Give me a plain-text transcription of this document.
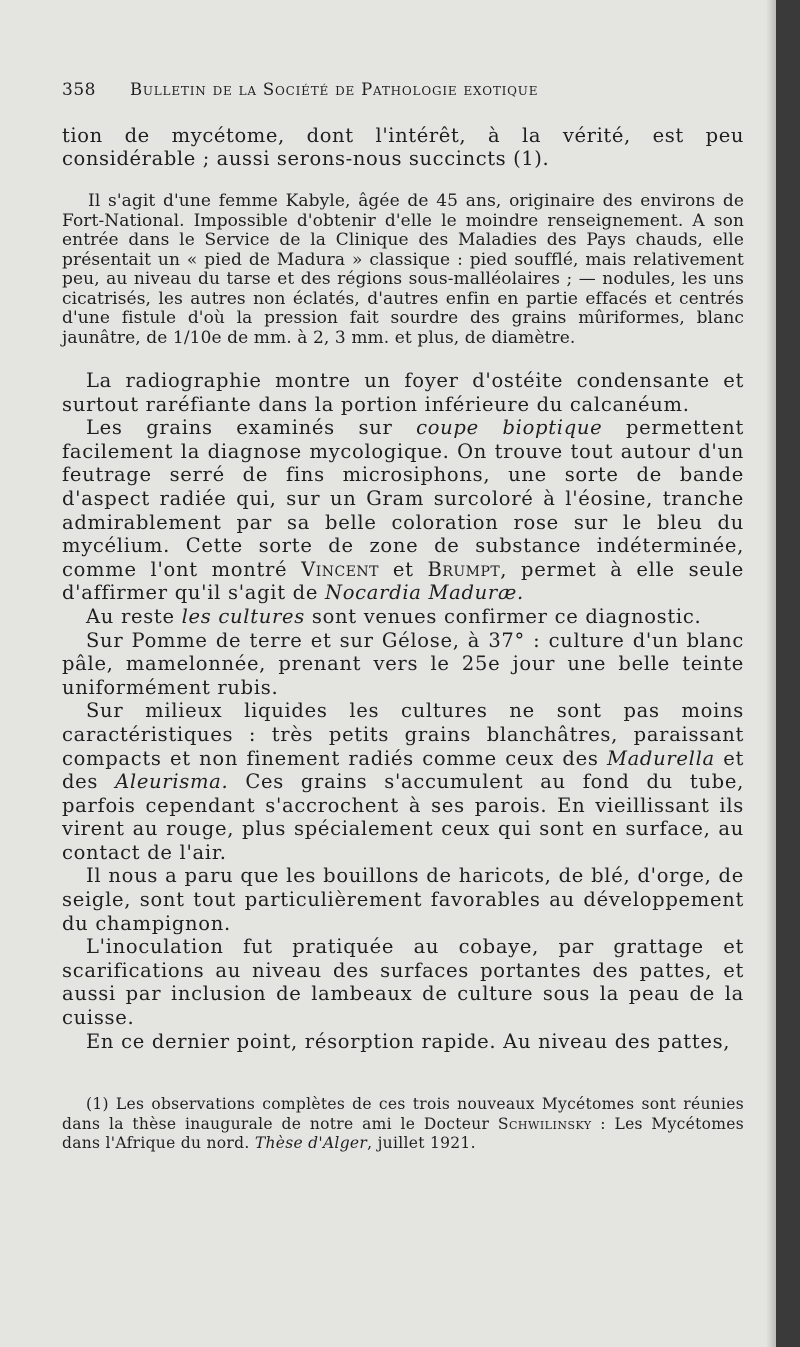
358 Bulletin de la Société de Pathologie exotique

tion de mycétome, dont l'intérêt, à la vérité, est peu considérable ; aussi serons-nous succincts (1).

Il s'agit d'une femme Kabyle, âgée de 45 ans, originaire des environs de Fort-National. Impossible d'obtenir d'elle le moindre renseignement. A son entrée dans le Service de la Clinique des Maladies des Pays chauds, elle présentait un « pied de Madura » classique : pied soufflé, mais relativement peu, au niveau du tarse et des régions sous-malléolaires ; — nodules, les uns cicatrisés, les autres non éclatés, d'autres enfin en partie effacés et centrés d'une fistule d'où la pression fait sourdre des grains mûriformes, blanc jaunâtre, de 1/10e de mm. à 2, 3 mm. et plus, de diamètre.

La radiographie montre un foyer d'ostéite condensante et surtout raréfiante dans la portion inférieure du calcanéum.

Les grains examinés sur coupe bioptique permettent facilement la diagnose mycologique. On trouve tout autour d'un feutrage serré de fins microsiphons, une sorte de bande d'aspect radiée qui, sur un Gram surcoloré à l'éosine, tranche admirablement par sa belle coloration rose sur le bleu du mycélium. Cette sorte de zone de substance indéterminée, comme l'ont montré Vincent et Brumpt, permet à elle seule d'affirmer qu'il s'agit de Nocardia Maduræ.

Au reste les cultures sont venues confirmer ce diagnostic.

Sur Pomme de terre et sur Gélose, à 37° : culture d'un blanc pâle, mamelonnée, prenant vers le 25e jour une belle teinte uniformément rubis.

Sur milieux liquides les cultures ne sont pas moins caractéristiques : très petits grains blanchâtres, paraissant compacts et non finement radiés comme ceux des Madurella et des Aleurisma. Ces grains s'accumulent au fond du tube, parfois cependant s'accrochent à ses parois. En vieillissant ils virent au rouge, plus spécialement ceux qui sont en surface, au contact de l'air.

Il nous a paru que les bouillons de haricots, de blé, d'orge, de seigle, sont tout particulièrement favorables au développement du champignon.

L'inoculation fut pratiquée au cobaye, par grattage et scarifications au niveau des surfaces portantes des pattes, et aussi par inclusion de lambeaux de culture sous la peau de la cuisse.

En ce dernier point, résorption rapide. Au niveau des pattes,

(1) Les observations complètes de ces trois nouveaux Mycétomes sont réunies dans la thèse inaugurale de notre ami le Docteur Schwilinsky : Les Mycétomes dans l'Afrique du nord. Thèse d'Alger, juillet 1921.
